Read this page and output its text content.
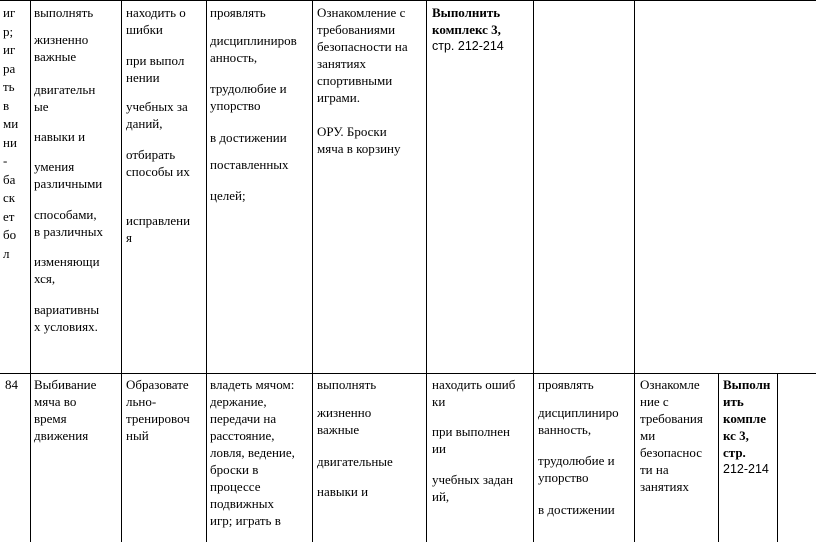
иг
р;
иг
ра
ть
в
ми
ни
-
ба
ск
ет
бо
л
выполнять
жизненно
важные
двигательн
ые
навыки и
умения
различными
способами,
в различных
изменяющи
хся,
вариативны
х условиях.
находить о
шибки
при выпол
нении
учебных за
даний,
отбирать
способы их
исправлени
я
проявлять
дисциплиниров
анность,
трудолюбие и
упорство
в достижении
поставленных
целей;
Ознакомление с
требованиями
безопасности на
занятиях
спортивными
играми.
ОРУ. Броски
мяча в корзину
Выполнить
комплекс 3,
стр. 212-214
84	Выбивание
мяча во
время
движения
Образовате
льно-
тренировоч
ный
владеть мячом:
держание,
передачи на
расстояние,
ловля, ведение,
броски в
процессе
подвижных
игр; играть в
выполнять
жизненно
важные
двигательные
навыки и
находить ошиб
ки
при выполнен
ии
учебных задан
ий,
проявлять
дисциплиниро
ванность,
трудолюбие и
упорство
в достижении
Ознакомле
ние с
требования
ми
безопаснос
ти на
занятиях
Выполн
ить
компле
кс 3,
стр.
212-214
